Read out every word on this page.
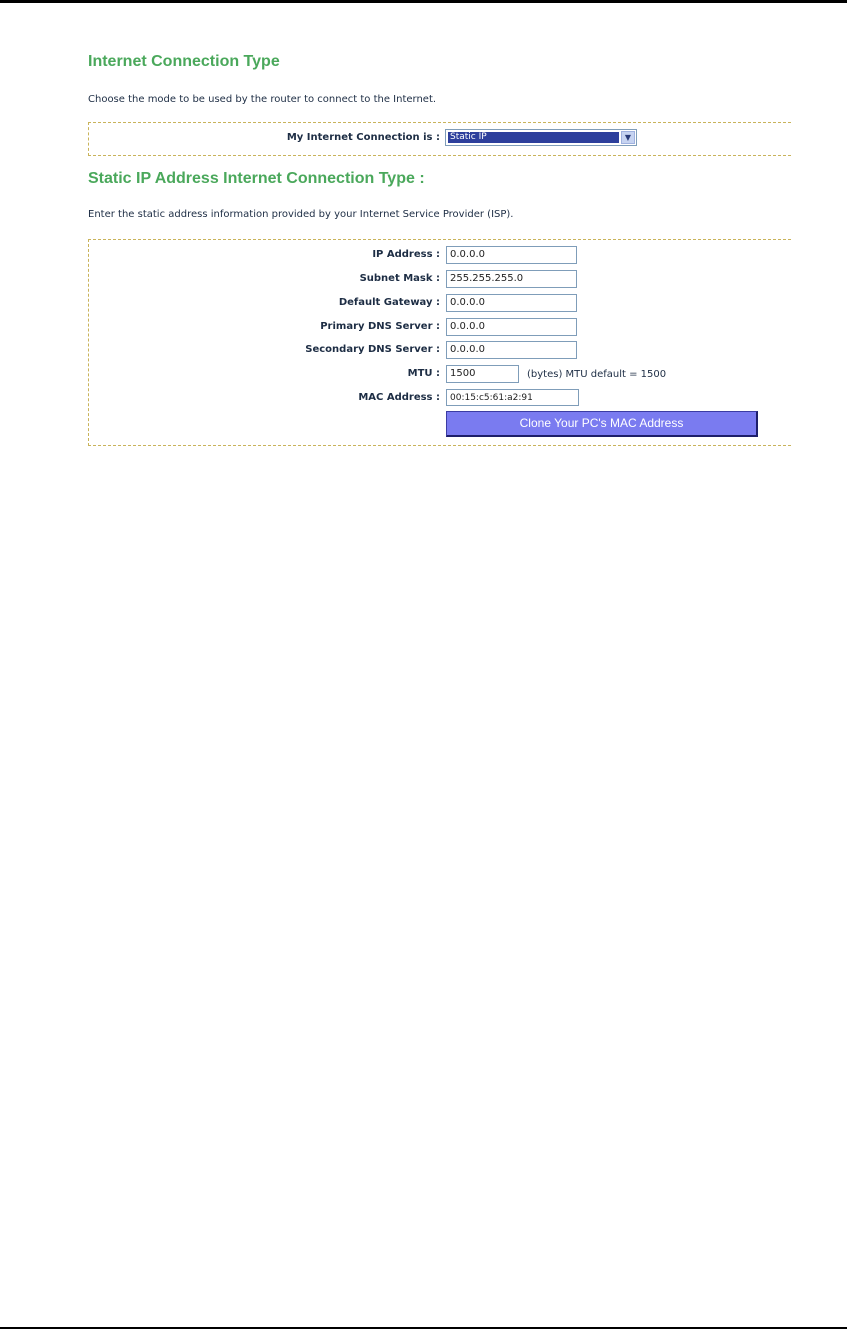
Internet Connection Type

Choose the mode to be used by the router to connect to the Internet.

My Internet Connection is : Static IP	▼
Static IP Address Internet Connection Type :

Enter the static address information provided by your Internet Service Provider (ISP).

IP Address :	0.0.0.0
Subnet Mask :	255.255.255.0
Default Gateway :	0.0.0.0
Primary DNS Server :	0.0.0.0
Secondary DNS Server :	0.0.0.0
MTU :	1500	(bytes) MTU default = 1500
MAC Address :	00:15:c5:61:a2:91
Clone Your PC's MAC Address
